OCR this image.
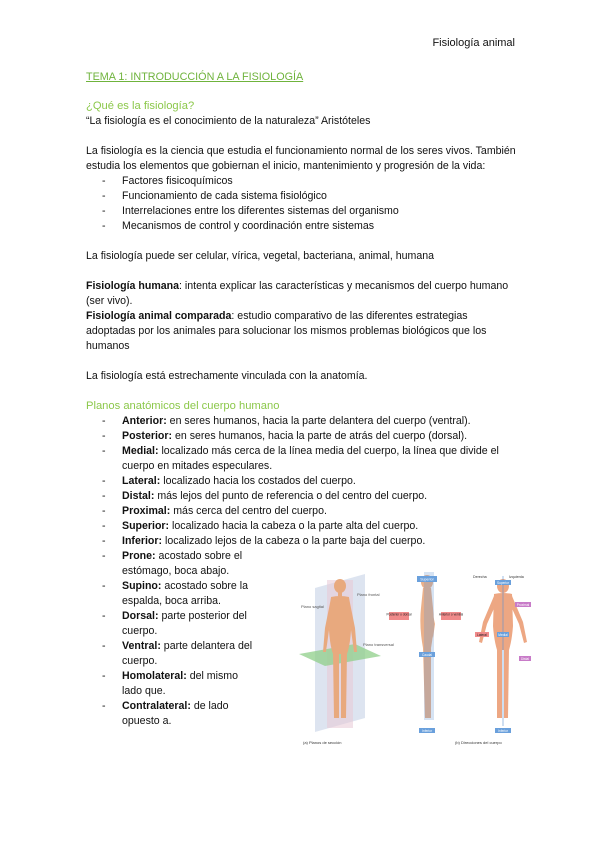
Fisiología animal
TEMA 1: INTRODUCCIÓN A LA FISIOLOGÍA
¿Qué es la fisiología?

“La fisiología es el conocimiento de la naturaleza” Aristóteles

La fisiología es la ciencia que estudia el funcionamiento normal de los seres vivos. También estudia los elementos que gobiernan el inicio, mantenimiento y progresión de la vida:

- Factores fisicoquímicos
- Funcionamiento de cada sistema fisiológico
- Interrelaciones entre los diferentes sistemas del organismo
- Mecanismos de control y coordinación entre sistemas

La fisiología puede ser celular, vírica, vegetal, bacteriana, animal, humana

Fisiología humana: intenta explicar las características y mecanismos del cuerpo humano (ser vivo).

Fisiología animal comparada: estudio comparativo de las diferentes estrategias adoptadas por los animales para solucionar los mismos problemas biológicos que los humanos

La fisiología está estrechamente vinculada con la anatomía.

Planos anatómicos del cuerpo humano
- Anterior: en seres humanos, hacia la parte delantera del cuerpo (ventral).
- Posterior: en seres humanos, hacia la parte de atrás del cuerpo (dorsal).
- Medial: localizado más cerca de la línea media del cuerpo, la línea que divide el cuerpo en mitades especulares.
- Lateral: localizado hacia los costados del cuerpo.
- Distal: más lejos del punto de referencia o del centro del cuerpo.
- Proximal: más cerca del centro del cuerpo.
- Superior: localizado hacia la cabeza o la parte alta del cuerpo.
- Inferior: localizado lejos de la cabeza o la parte baja del cuerpo.
- Prone: acostado sobre el estómago, boca abajo.
- Supino: acostado sobre la espalda, boca arriba.
- Dorsal: parte posterior del cuerpo.
- Ventral: parte delantera del cuerpo.
- Homolateral: del mismo lado que.
- Contralateral: de lado opuesto a.
Plano sagital
Plano frontal
Plano transversal
(a) Planos de sección
Superior
Posterior o dorsal	Anterior o ventral
Caudal
Inferior
Derecha	Izquierda
Superior
Lateral	Medial
Proximal
Distal
Inferior
(b) Direcciones del cuerpo
